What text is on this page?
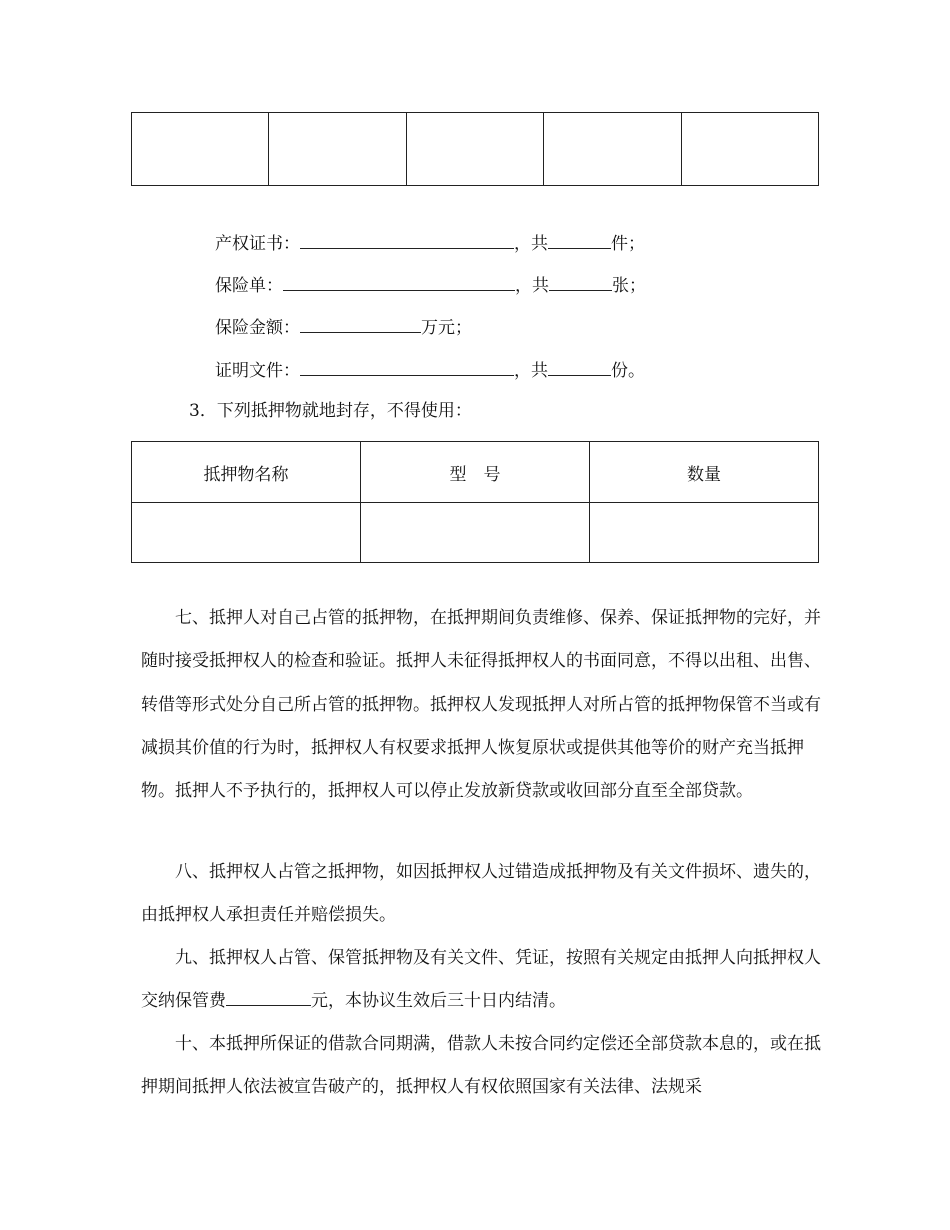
产权证书：	，共	件；
保险单：	，共	张；
保险金额：	万元；
证明文件：	，共	份。
3．下列抵押物就地封存，不得使用：
抵押物名称	型　号	数量

七、抵押人对自己占管的抵押物，在抵押期间负责维修、保养、保证抵押物的完好，并随时接受抵押权人的检查和验证。抵押人未征得抵押权人的书面同意，不得以出租、出售、转借等形式处分自己所占管的抵押物。抵押权人发现抵押人对所占管的抵押物保管不当或有减损其价值的行为时，抵押权人有权要求抵押人恢复原状或提供其他等价的财产充当抵押物。抵押人不予执行的，抵押权人可以停止发放新贷款或收回部分直至全部贷款。

八、抵押权人占管之抵押物，如因抵押权人过错造成抵押物及有关文件损坏、遗失的，由抵押权人承担责任并赔偿损失。

九、抵押权人占管、保管抵押物及有关文件、凭证，按照有关规定由抵押人向抵押权人交纳保管费	元，本协议生效后三十日内结清。

十、本抵押所保证的借款合同期满，借款人未按合同约定偿还全部贷款本息的，或在抵押期间抵押人依法被宣告破产的，抵押权人有权依照国家有关法律、法规采
